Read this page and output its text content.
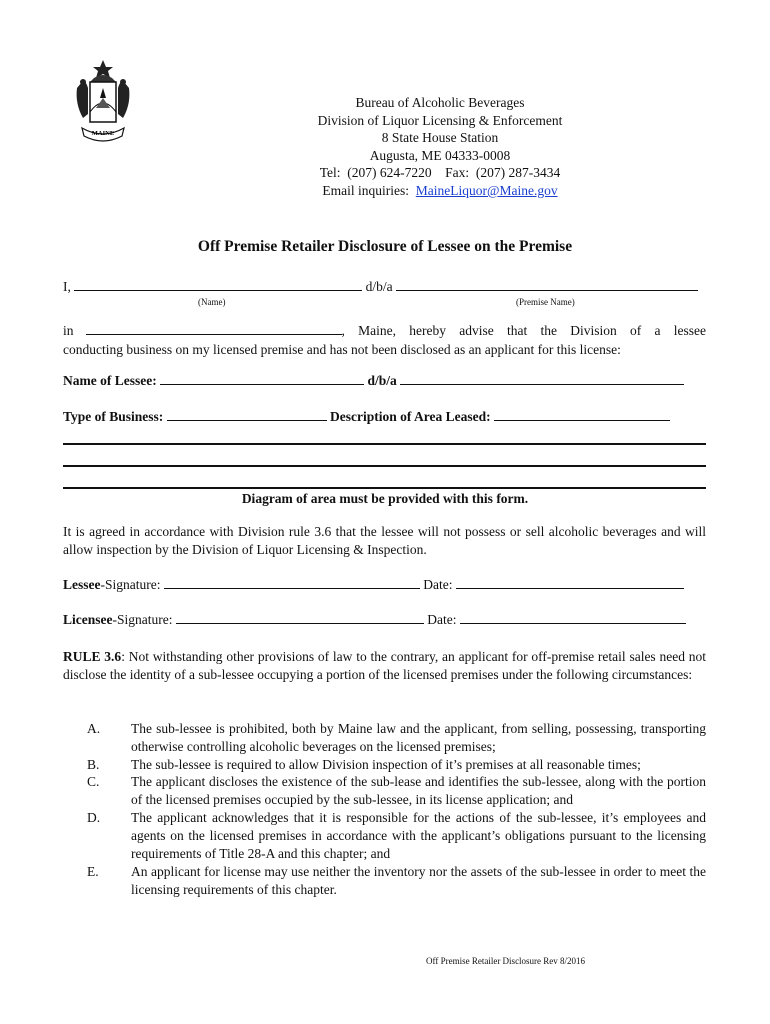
MAINE
Bureau of Alcoholic Beverages
Division of Liquor Licensing & Enforcement
8 State House Station
Augusta, ME 04333-0008
Tel:  (207) 624-7220    Fax:  (207) 287-3434
Email inquiries:  MaineLiquor@Maine.gov
Off Premise Retailer Disclosure of Lessee on the Premise
I,	d/b/a
(Name)	(Premise Name)
in	, Maine, hereby advise that the Division of a lessee
conducting business on my licensed premise and has not been disclosed as an applicant for this license:
Name of Lessee:	d/b/a
Type of Business:	Description of Area Leased:
Diagram of area must be provided with this form.
It is agreed in accordance with Division rule 3.6 that the lessee will not possess or sell alcoholic beverages and will allow inspection by the Division of Liquor Licensing & Inspection.
Lessee-Signature:	Date:
Licensee-Signature:	Date:
RULE 3.6: Not withstanding other provisions of law to the contrary, an applicant for off-premise retail sales need not disclose the identity of a sub-lessee occupying a portion of the licensed premises under the following circumstances:
A. The sub-lessee is prohibited, both by Maine law and the applicant, from selling, possessing, transporting otherwise controlling alcoholic beverages on the licensed premises;
B. The sub-lessee is required to allow Division inspection of it’s premises at all reasonable times;
C. The applicant discloses the existence of the sub-lease and identifies the sub-lessee, along with the portion of the licensed premises occupied by the sub-lessee, in its license application; and
D. The applicant acknowledges that it is responsible for the actions of the sub-lessee, it’s employees and agents on the licensed premises in accordance with the applicant’s obligations pursuant to the licensing requirements of Title 28-A and this chapter; and
E. An applicant for license may use neither the inventory nor the assets of the sub-lessee in order to meet the licensing requirements of this chapter.
Off Premise Retailer Disclosure Rev 8/2016
